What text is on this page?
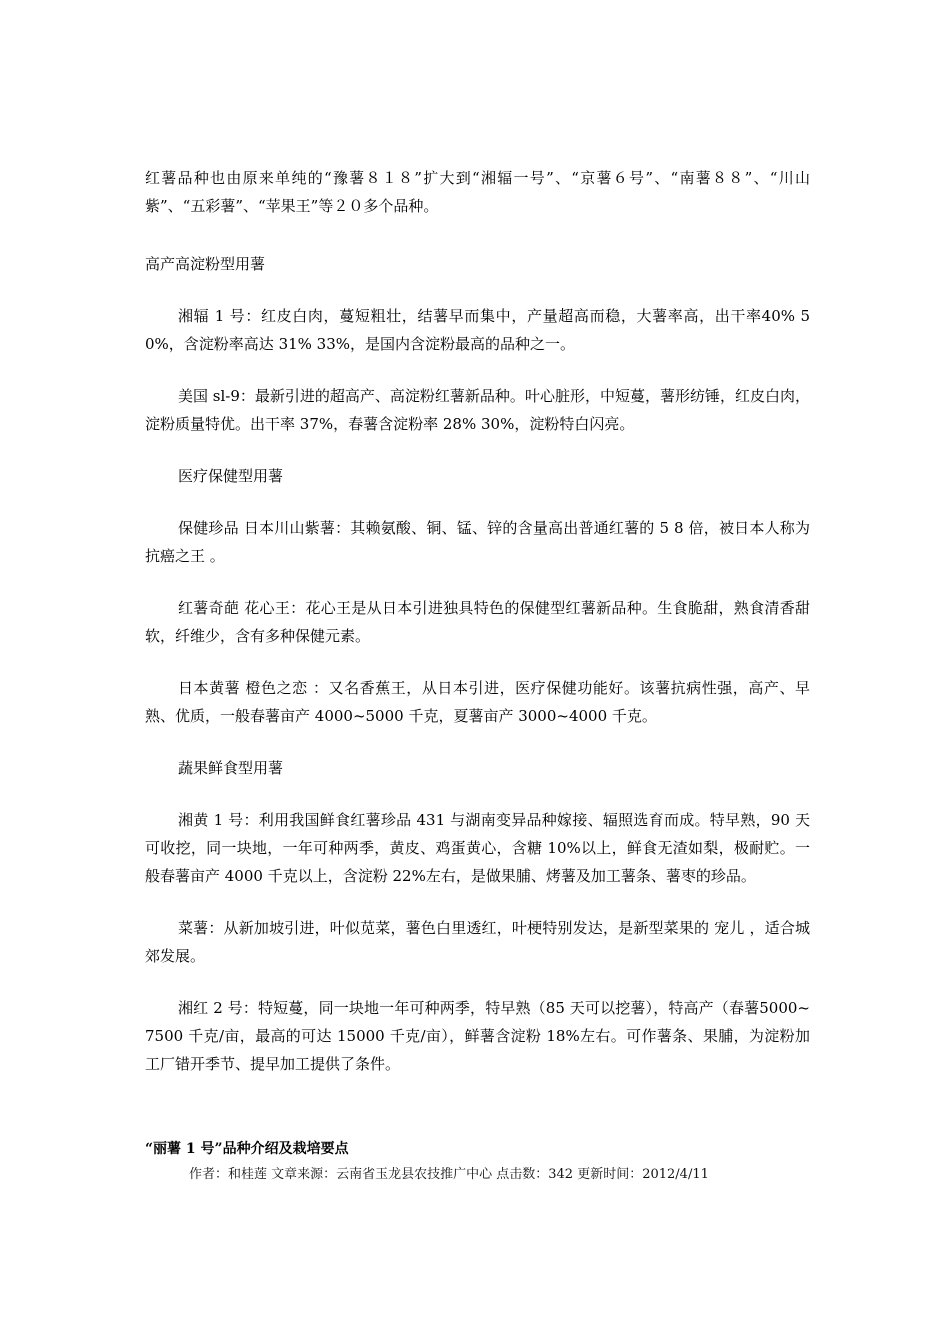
红薯品种也由原来单纯的“豫薯８１８”扩大到“湘辐一号”、“京薯６号”、“南薯８８”、“川山紫”、“五彩薯”、“苹果王”等２０多个品种。

高产高淀粉型用薯

湘辐 1 号：红皮白肉，蔓短粗壮，结薯早而集中，产量超高而稳，大薯率高，出干率40% 50%，含淀粉率高达 31% 33%，是国内含淀粉最高的品种之一。

美国 sl-9：最新引进的超高产、高淀粉红薯新品种。叶心脏形，中短蔓，薯形纺锤，红皮白肉，淀粉质量特优。出干率 37%，春薯含淀粉率 28% 30%，淀粉特白闪亮。

医疗保健型用薯

保健珍品 日本川山紫薯：其赖氨酸、铜、锰、锌的含量高出普通红薯的 5 8 倍，被日本人称为 抗癌之王 。

红薯奇葩 花心王：花心王是从日本引进独具特色的保健型红薯新品种。生食脆甜，熟食清香甜软，纤维少，含有多种保健元素。

日本黄薯 橙色之恋 ：又名香蕉王，从日本引进，医疗保健功能好。该薯抗病性强，高产、早熟、优质，一般春薯亩产 4000~5000 千克，夏薯亩产 3000~4000 千克。

蔬果鲜食型用薯

湘黄 1 号：利用我国鲜食红薯珍品 431 与湖南变异品种嫁接、辐照选育而成。特早熟，90 天可收挖，同一块地，一年可种两季，黄皮、鸡蛋黄心，含糖 10%以上，鲜食无渣如梨，极耐贮。一般春薯亩产 4000 千克以上，含淀粉 22%左右，是做果脯、烤薯及加工薯条、薯枣的珍品。

菜薯：从新加坡引进，叶似苋菜，薯色白里透红，叶梗特别发达，是新型菜果的 宠儿 ，适合城郊发展。

湘红 2 号：特短蔓，同一块地一年可种两季，特早熟（85 天可以挖薯），特高产（春薯5000~7500 千克/亩，最高的可达 15000 千克/亩），鲜薯含淀粉 18%左右。可作薯条、果脯，为淀粉加工厂错开季节、提早加工提供了条件。

“丽薯 1 号”品种介绍及栽培要点
作者：和桂莲 文章来源：云南省玉龙县农技推广中心 点击数：342 更新时间：2012/4/11
